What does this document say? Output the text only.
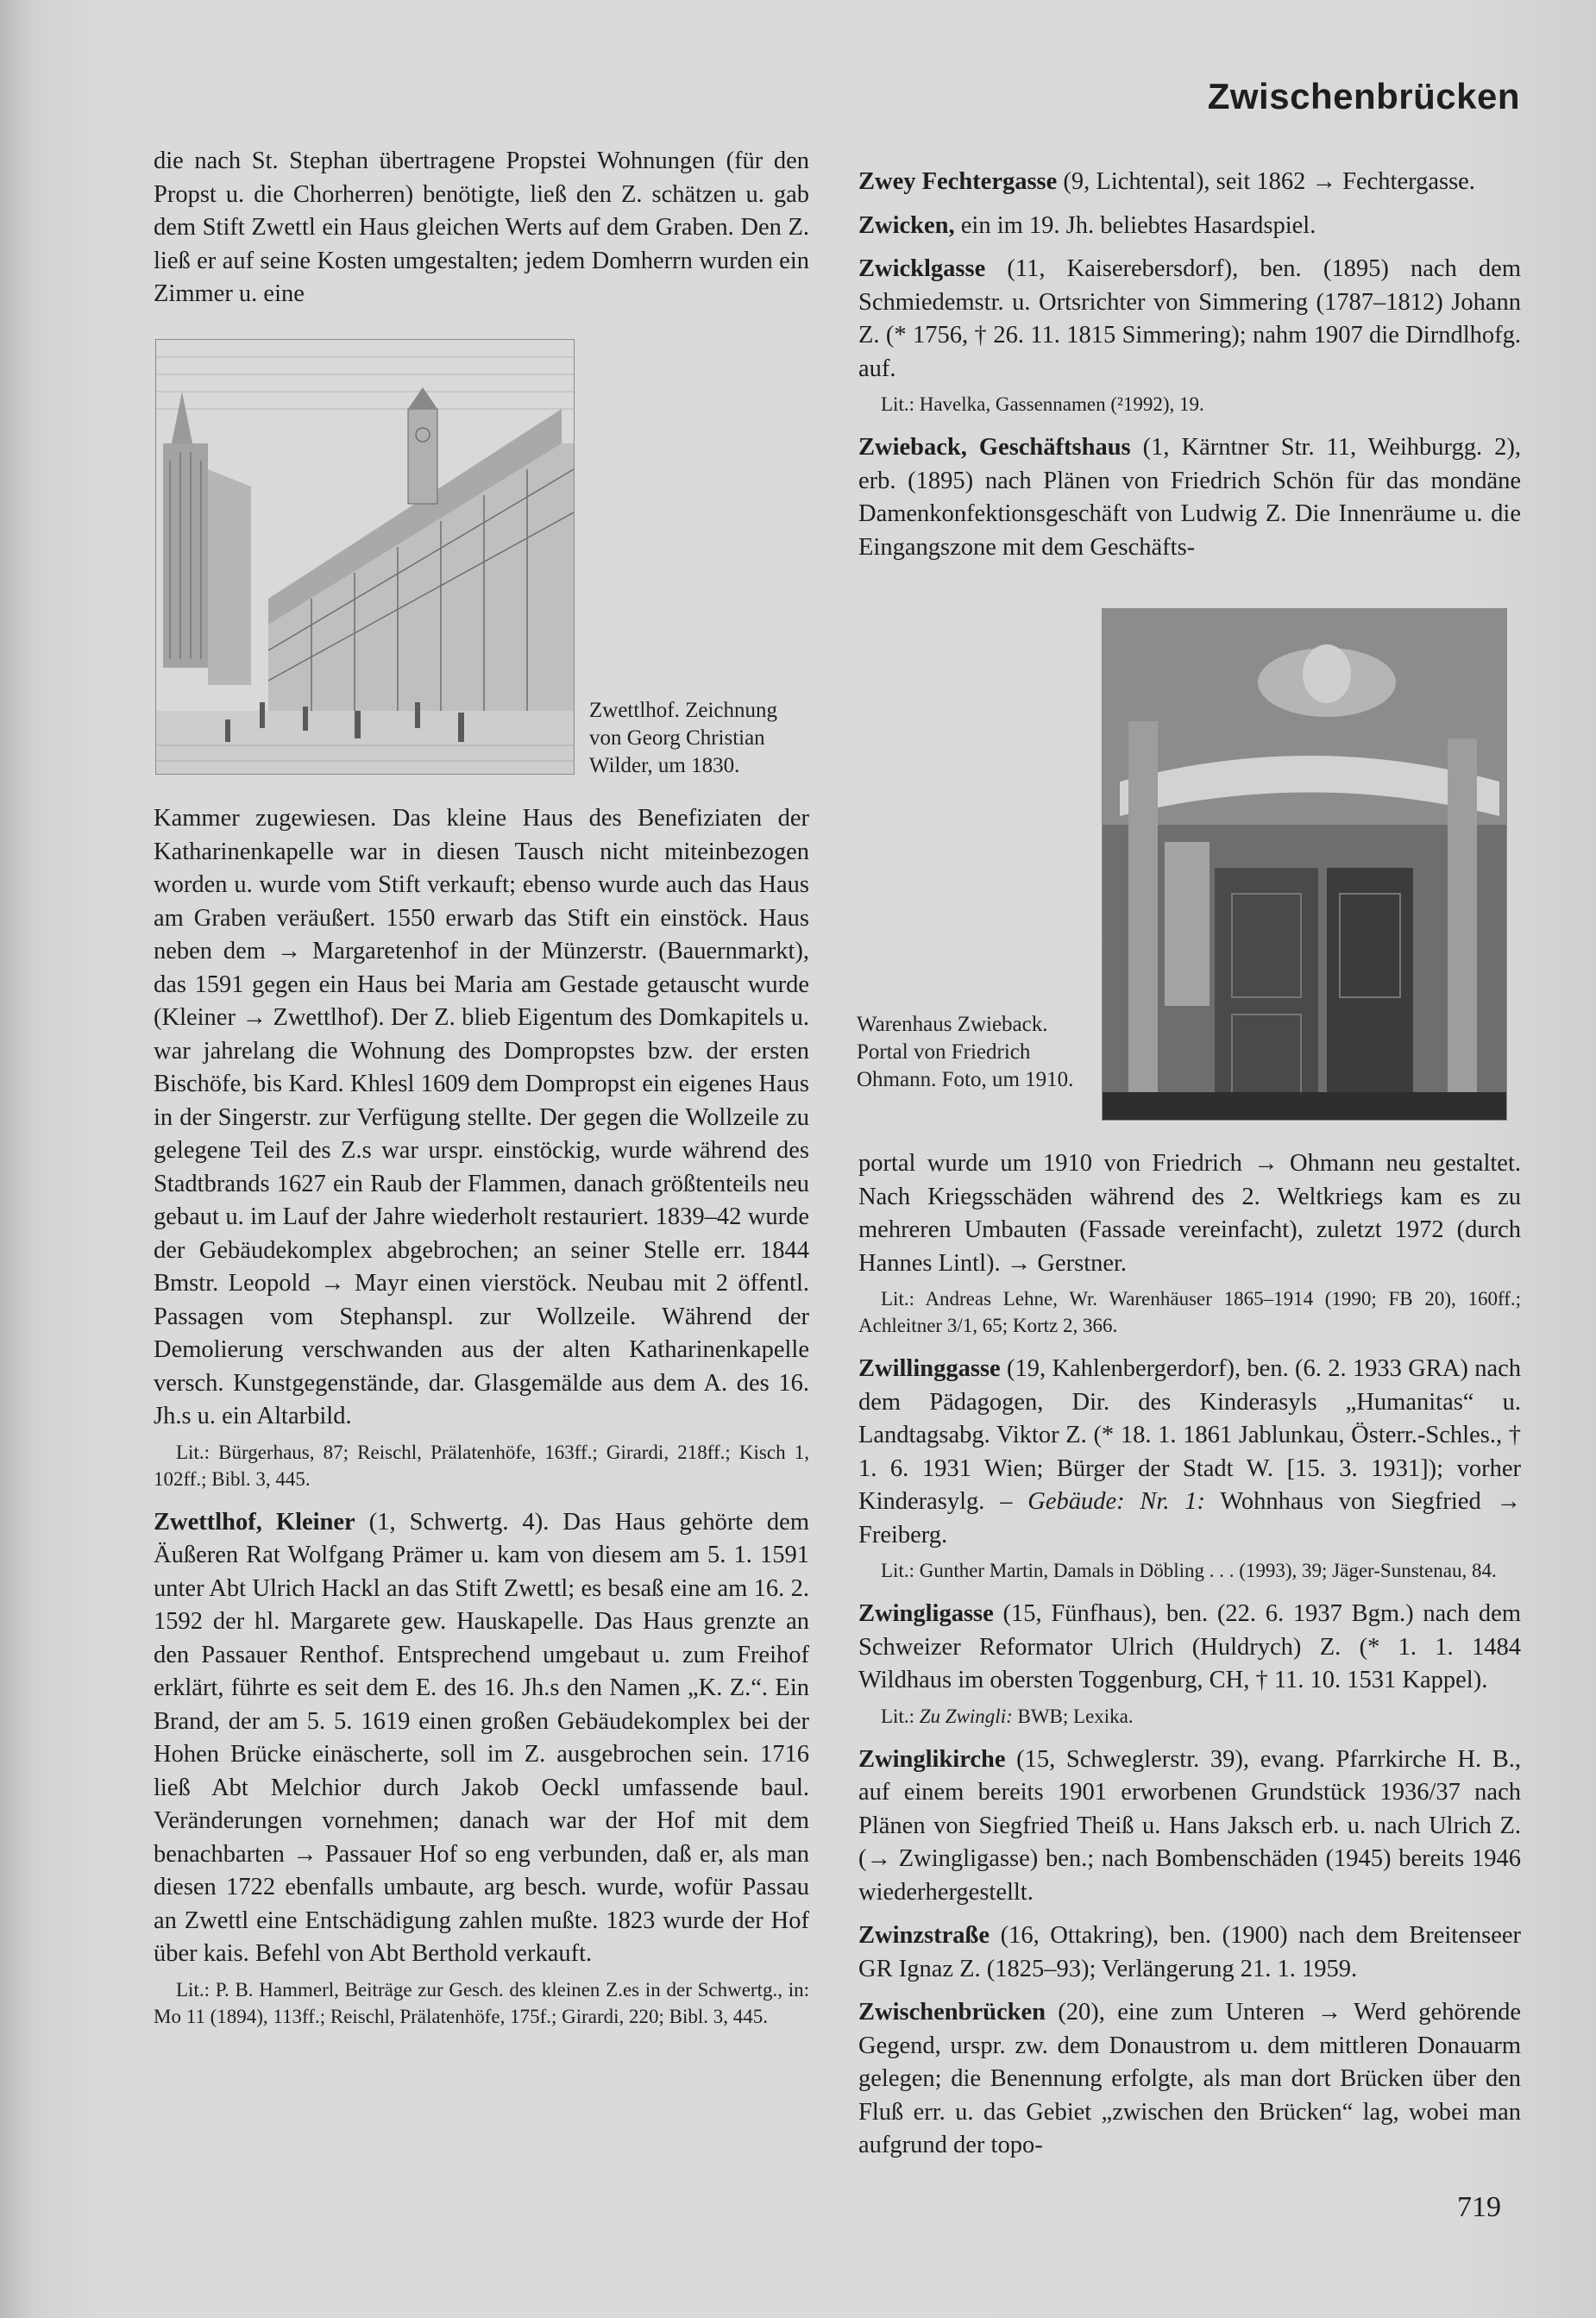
Zwischenbrücken

die nach St. Stephan übertragene Propstei Wohnungen (für den Propst u. die Chorherren) benötigte, ließ den Z. schätzen u. gab dem Stift Zwettl ein Haus gleichen Werts auf dem Graben. Den Z. ließ er auf seine Kosten umgestalten; jedem Domherrn wurden ein Zimmer u. eine

Zwettlhof. Zeichnung von Georg Christian Wilder, um 1830.

Kammer zugewiesen. Das kleine Haus des Benefiziaten der Katharinenkapelle war in diesen Tausch nicht miteinbezogen worden u. wurde vom Stift verkauft; ebenso wurde auch das Haus am Graben veräußert. 1550 erwarb das Stift ein einstöck. Haus neben dem → Margaretenhof in der Münzerstr. (Bauernmarkt), das 1591 gegen ein Haus bei Maria am Gestade getauscht wurde (Kleiner → Zwettlhof). Der Z. blieb Eigentum des Domkapitels u. war jahrelang die Wohnung des Dompropstes bzw. der ersten Bischöfe, bis Kard. Khlesl 1609 dem Dompropst ein eigenes Haus in der Singerstr. zur Verfügung stellte. Der gegen die Wollzeile zu gelegene Teil des Z.s war urspr. einstöckig, wurde während des Stadtbrands 1627 ein Raub der Flammen, danach größtenteils neu gebaut u. im Lauf der Jahre wiederholt restauriert. 1839–42 wurde der Gebäudekomplex abgebrochen; an seiner Stelle err. 1844 Bmstr. Leopold → Mayr einen vierstöck. Neubau mit 2 öffentl. Passagen vom Stephanspl. zur Wollzeile. Während der Demolierung verschwanden aus der alten Katharinenkapelle versch. Kunstgegenstände, dar. Glasgemälde aus dem A. des 16. Jh.s u. ein Altarbild.

Lit.: Bürgerhaus, 87; Reischl, Prälatenhöfe, 163ff.; Girardi, 218ff.; Kisch 1, 102ff.; Bibl. 3, 445.

Zwettlhof, Kleiner (1, Schwertg. 4). Das Haus gehörte dem Äußeren Rat Wolfgang Prämer u. kam von diesem am 5. 1. 1591 unter Abt Ulrich Hackl an das Stift Zwettl; es besaß eine am 16. 2. 1592 der hl. Margarete gew. Hauskapelle. Das Haus grenzte an den Passauer Renthof. Entsprechend umgebaut u. zum Freihof erklärt, führte es seit dem E. des 16. Jh.s den Namen „K. Z.“. Ein Brand, der am 5. 5. 1619 einen großen Gebäudekomplex bei der Hohen Brücke einäscherte, soll im Z. ausgebrochen sein. 1716 ließ Abt Melchior durch Jakob Oeckl umfassende baul. Veränderungen vornehmen; danach war der Hof mit dem benachbarten → Passauer Hof so eng verbunden, daß er, als man diesen 1722 ebenfalls umbaute, arg besch. wurde, wofür Passau an Zwettl eine Entschädigung zahlen mußte. 1823 wurde der Hof über kais. Befehl von Abt Berthold verkauft.

Lit.: P. B. Hammerl, Beiträge zur Gesch. des kleinen Z.es in der Schwertg., in: Mo 11 (1894), 113ff.; Reischl, Prälatenhöfe, 175f.; Girardi, 220; Bibl. 3, 445.

Zwey Fechtergasse (9, Lichtental), seit 1862 → Fechtergasse.

Zwicken, ein im 19. Jh. beliebtes Hasardspiel.

Zwicklgasse (11, Kaiserebersdorf), ben. (1895) nach dem Schmiedemstr. u. Ortsrichter von Simmering (1787–1812) Johann Z. (* 1756, † 26. 11. 1815 Simmering); nahm 1907 die Dirndlhofg. auf.

Lit.: Havelka, Gassennamen (²1992), 19.

Zwieback, Geschäftshaus (1, Kärntner Str. 11, Weihburgg. 2), erb. (1895) nach Plänen von Friedrich Schön für das mondäne Damenkonfektionsgeschäft von Ludwig Z. Die Innenräume u. die Eingangszone mit dem Geschäfts-

Warenhaus Zwieback. Portal von Friedrich Ohmann. Foto, um 1910.

portal wurde um 1910 von Friedrich → Ohmann neu gestaltet. Nach Kriegsschäden während des 2. Weltkriegs kam es zu mehreren Umbauten (Fassade vereinfacht), zuletzt 1972 (durch Hannes Lintl). → Gerstner.

Lit.: Andreas Lehne, Wr. Warenhäuser 1865–1914 (1990; FB 20), 160ff.; Achleitner 3/1, 65; Kortz 2, 366.

Zwillinggasse (19, Kahlenbergerdorf), ben. (6. 2. 1933 GRA) nach dem Pädagogen, Dir. des Kinderasyls „Humanitas“ u. Landtagsabg. Viktor Z. (* 18. 1. 1861 Jablunkau, Österr.-Schles., † 1. 6. 1931 Wien; Bürger der Stadt W. [15. 3. 1931]); vorher Kinderasylg. – Gebäude: Nr. 1: Wohnhaus von Siegfried → Freiberg.

Lit.: Gunther Martin, Damals in Döbling . . . (1993), 39; Jäger-Sunstenau, 84.

Zwingligasse (15, Fünfhaus), ben. (22. 6. 1937 Bgm.) nach dem Schweizer Reformator Ulrich (Huldrych) Z. (* 1. 1. 1484 Wildhaus im obersten Toggenburg, CH, † 11. 10. 1531 Kappel).

Lit.: Zu Zwingli: BWB; Lexika.

Zwinglikirche (15, Schweglerstr. 39), evang. Pfarrkirche H. B., auf einem bereits 1901 erworbenen Grundstück 1936/37 nach Plänen von Siegfried Theiß u. Hans Jaksch erb. u. nach Ulrich Z. (→ Zwingligasse) ben.; nach Bombenschäden (1945) bereits 1946 wiederhergestellt.

Zwinzstraße (16, Ottakring), ben. (1900) nach dem Breitenseer GR Ignaz Z. (1825–93); Verlängerung 21. 1. 1959.

Zwischenbrücken (20), eine zum Unteren → Werd gehörende Gegend, urspr. zw. dem Donaustrom u. dem mittleren Donauarm gelegen; die Benennung erfolgte, als man dort Brücken über den Fluß err. u. das Gebiet „zwischen den Brücken“ lag, wobei man aufgrund der topo-

719
